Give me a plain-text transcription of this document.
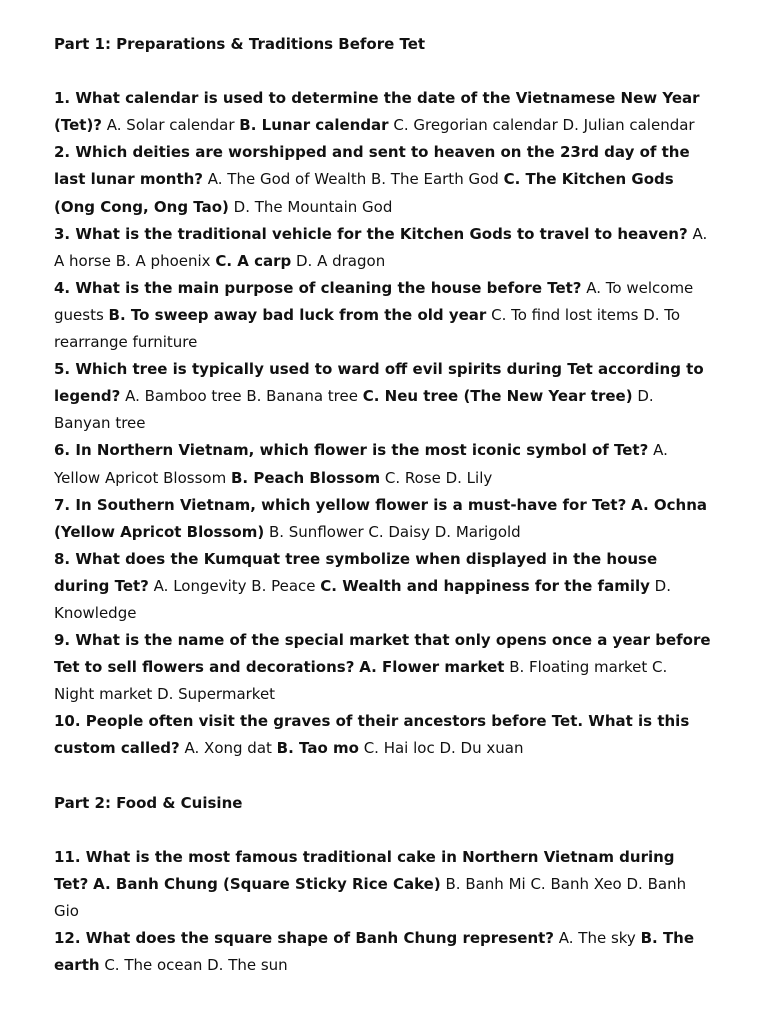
Part 1: Preparations & Traditions Before Tet
1. What calendar is used to determine the date of the Vietnamese New Year
(Tet)? A. Solar calendar B. Lunar calendar C. Gregorian calendar D. Julian calendar
2. Which deities are worshipped and sent to heaven on the 23rd day of the
last lunar month? A. The God of Wealth B. The Earth God C. The Kitchen Gods
(Ong Cong, Ong Tao) D. The Mountain God
3. What is the traditional vehicle for the Kitchen Gods to travel to heaven? A.
A horse B. A phoenix C. A carp D. A dragon
4. What is the main purpose of cleaning the house before Tet? A. To welcome
guests B. To sweep away bad luck from the old year C. To find lost items D. To
rearrange furniture
5. Which tree is typically used to ward off evil spirits during Tet according to
legend? A. Bamboo tree B. Banana tree C. Neu tree (The New Year tree) D.
Banyan tree
6. In Northern Vietnam, which flower is the most iconic symbol of Tet? A.
Yellow Apricot Blossom B. Peach Blossom C. Rose D. Lily
7. In Southern Vietnam, which yellow flower is a must-have for Tet? A. Ochna
(Yellow Apricot Blossom) B. Sunflower C. Daisy D. Marigold
8. What does the Kumquat tree symbolize when displayed in the house
during Tet? A. Longevity B. Peace C. Wealth and happiness for the family D.
Knowledge
9. What is the name of the special market that only opens once a year before
Tet to sell flowers and decorations? A. Flower market B. Floating market C.
Night market D. Supermarket
10. People often visit the graves of their ancestors before Tet. What is this
custom called? A. Xong dat B. Tao mo C. Hai loc D. Du xuan
Part 2: Food & Cuisine
11. What is the most famous traditional cake in Northern Vietnam during
Tet? A. Banh Chung (Square Sticky Rice Cake) B. Banh Mi C. Banh Xeo D. Banh
Gio
12. What does the square shape of Banh Chung represent? A. The sky B. The
earth C. The ocean D. The sun
